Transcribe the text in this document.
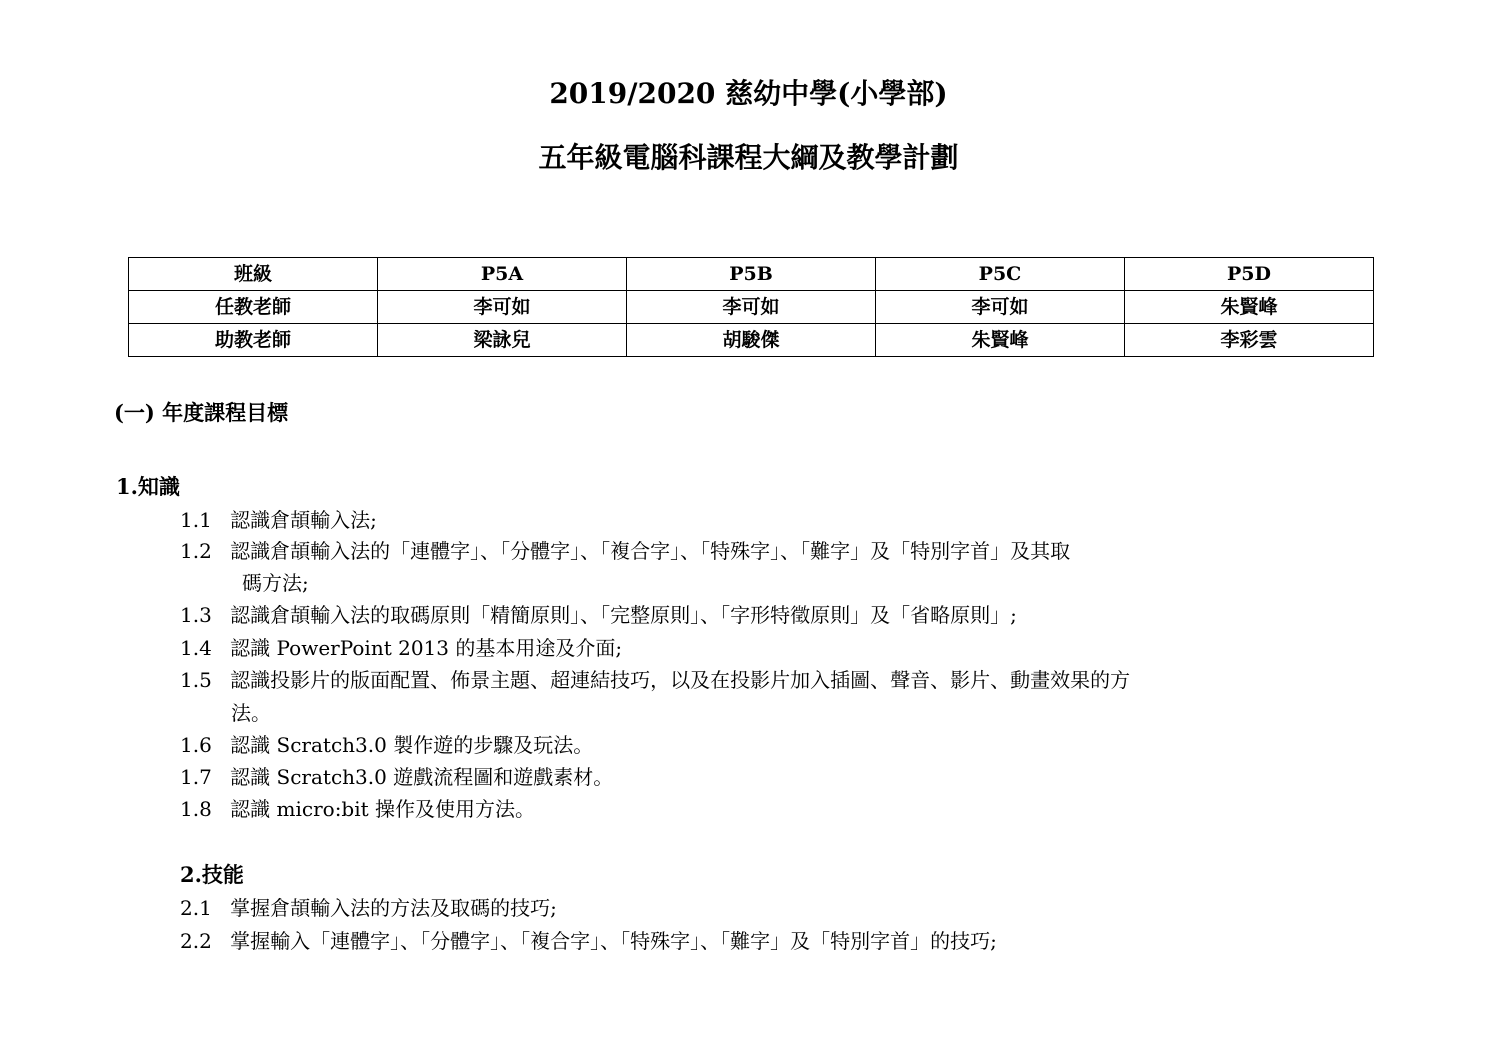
2019/2020 慈幼中學(小學部)
五年級電腦科課程大綱及教學計劃
班級	P5A	P5B	P5C	P5D
任教老師	李可如	李可如	李可如	朱賢峰
助教老師	梁詠兒	胡駿傑	朱賢峰	李彩雲
(一) 年度課程目標
1.知識
1.1 認識倉頡輸入法;
1.2 認識倉頡輸入法的「連體字」、「分體字」、「複合字」、「特殊字」、「難字」及「特別字首」及其取
碼方法;
1.3 認識倉頡輸入法的取碼原則「精簡原則」、「完整原則」、「字形特徵原則」及「省略原則」;
1.4 認識 PowerPoint 2013 的基本用途及介面;
1.5 認識投影片的版面配置、佈景主題、超連結技巧，以及在投影片加入插圖、聲音、影片、動畫效果的方
法。
1.6 認識 Scratch3.0 製作遊的步驟及玩法。
1.7 認識 Scratch3.0 遊戲流程圖和遊戲素材。
1.8 認識 micro:bit 操作及使用方法。
2.技能
2.1 掌握倉頡輸入法的方法及取碼的技巧;
2.2 掌握輸入「連體字」、「分體字」、「複合字」、「特殊字」、「難字」及「特別字首」的技巧;
